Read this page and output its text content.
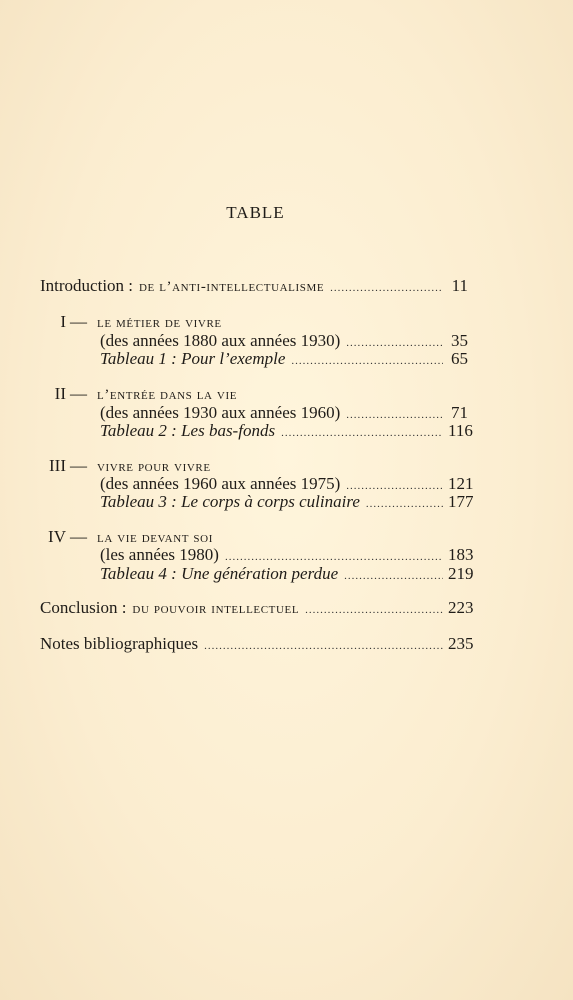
TABLE
Introduction : de l’anti-intellectualisme .....	11
I — le métier de vivre
(des années 1880 aux années 1930) .....	35
Tableau 1 : Pour l’exemple .....	65
II — l’entrée dans la vie
(des années 1930 aux années 1960) .....	71
Tableau 2 : Les bas-fonds .....	116
III — vivre pour vivre
(des années 1960 aux années 1975) .....	121
Tableau 3 : Le corps à corps culinaire .....	177
IV — la vie devant soi
(les années 1980) .....	183
Tableau 4 : Une génération perdue .....	219
Conclusion : du pouvoir intellectuel .....	223
Notes bibliographiques .....	235
